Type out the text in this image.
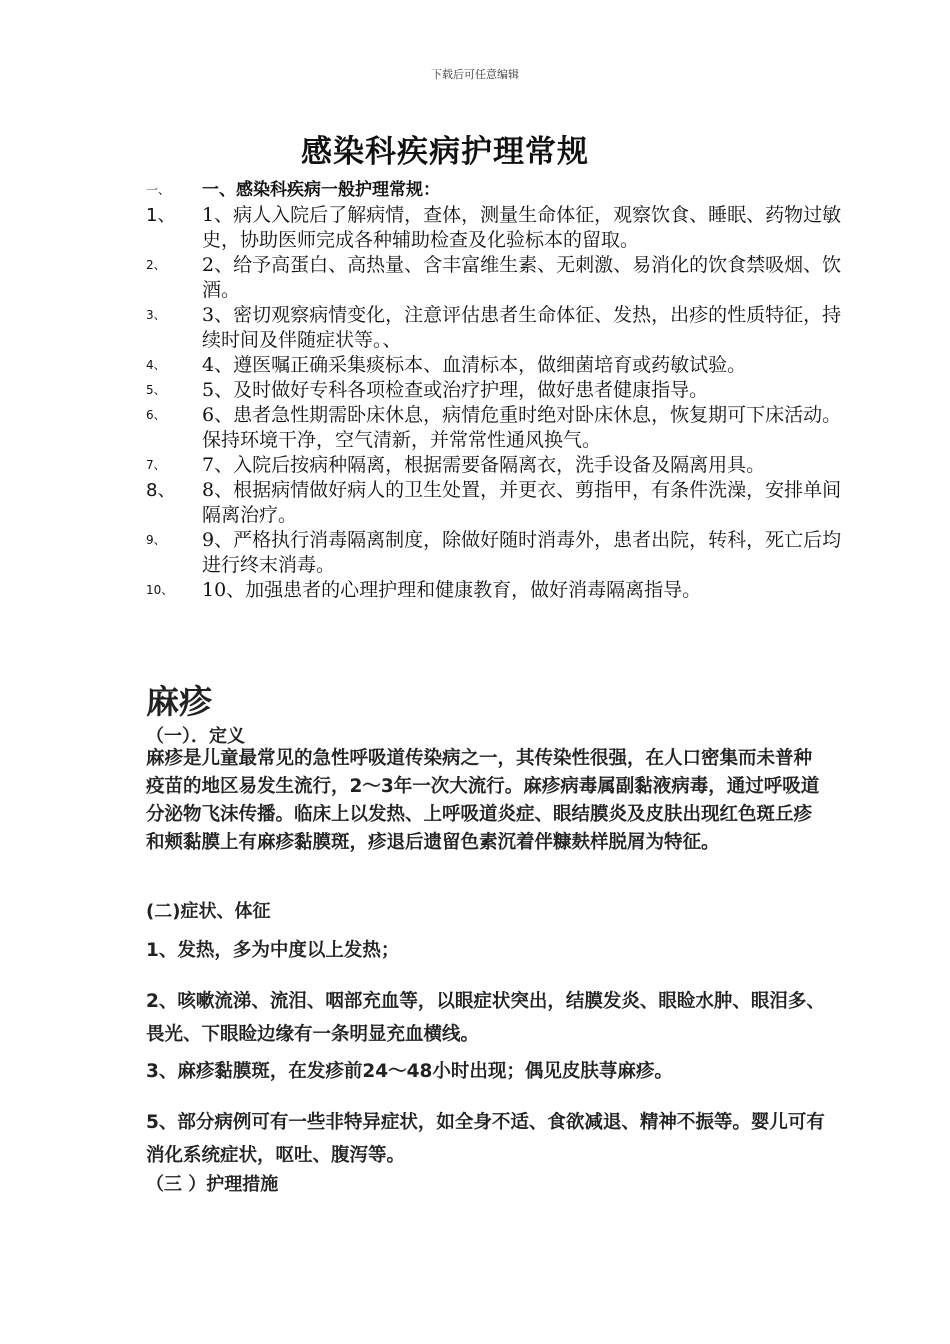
下载后可任意编辑
感染科疾病护理常规
一、	一、感染科疾病一般护理常规：
1、	1、病人入院后了解病情，查体，测量生命体征，观察饮食、睡眠、药物过敏史，协助医师完成各种辅助检查及化验标本的留取。
2、	2、给予高蛋白、高热量、含丰富维生素、无刺激、易消化的饮食禁吸烟、饮酒。
3、	3、密切观察病情变化，注意评估患者生命体征、发热，出疹的性质特征，持续时间及伴随症状等。、
4、	4、遵医嘱正确采集痰标本、血清标本，做细菌培育或药敏试验。
5、	5、及时做好专科各项检查或治疗护理，做好患者健康指导。
6、	6、患者急性期需卧床休息，病情危重时绝对卧床休息，恢复期可下床活动。保持环境干净，空气清新，并常常性通风换气。
7、	7、入院后按病种隔离，根据需要备隔离衣，洗手设备及隔离用具。
8、	8、根据病情做好病人的卫生处置，并更衣、剪指甲，有条件洗澡，安排单间隔离治疗。
9、	9、严格执行消毒隔离制度，除做好随时消毒外，患者出院，转科，死亡后均进行终末消毒。
10、	10、加强患者的心理护理和健康教育，做好消毒隔离指导。
麻疹
（一）．定义
麻疹是儿童最常见的急性呼吸道传染病之一，其传染性很强，在人口密集而未普种疫苗的地区易发生流行，2～3年一次大流行。麻疹病毒属副黏液病毒，通过呼吸道分泌物飞沫传播。临床上以发热、上呼吸道炎症、眼结膜炎及皮肤出现红色斑丘疹和颊黏膜上有麻疹黏膜斑，疹退后遗留色素沉着伴糠麸样脱屑为特征。
(二)症状、体征
1、发热，多为中度以上发热；
2、咳嗽流涕、流泪、咽部充血等，以眼症状突出，结膜发炎、眼睑水肿、眼泪多、畏光、下眼睑边缘有一条明显充血横线。
3、麻疹黏膜斑，在发疹前24～48小时出现；偶见皮肤荨麻疹。
5、部分病例可有一些非特异症状，如全身不适、食欲减退、精神不振等。婴儿可有消化系统症状，呕吐、腹泻等。
（三 ）护理措施
